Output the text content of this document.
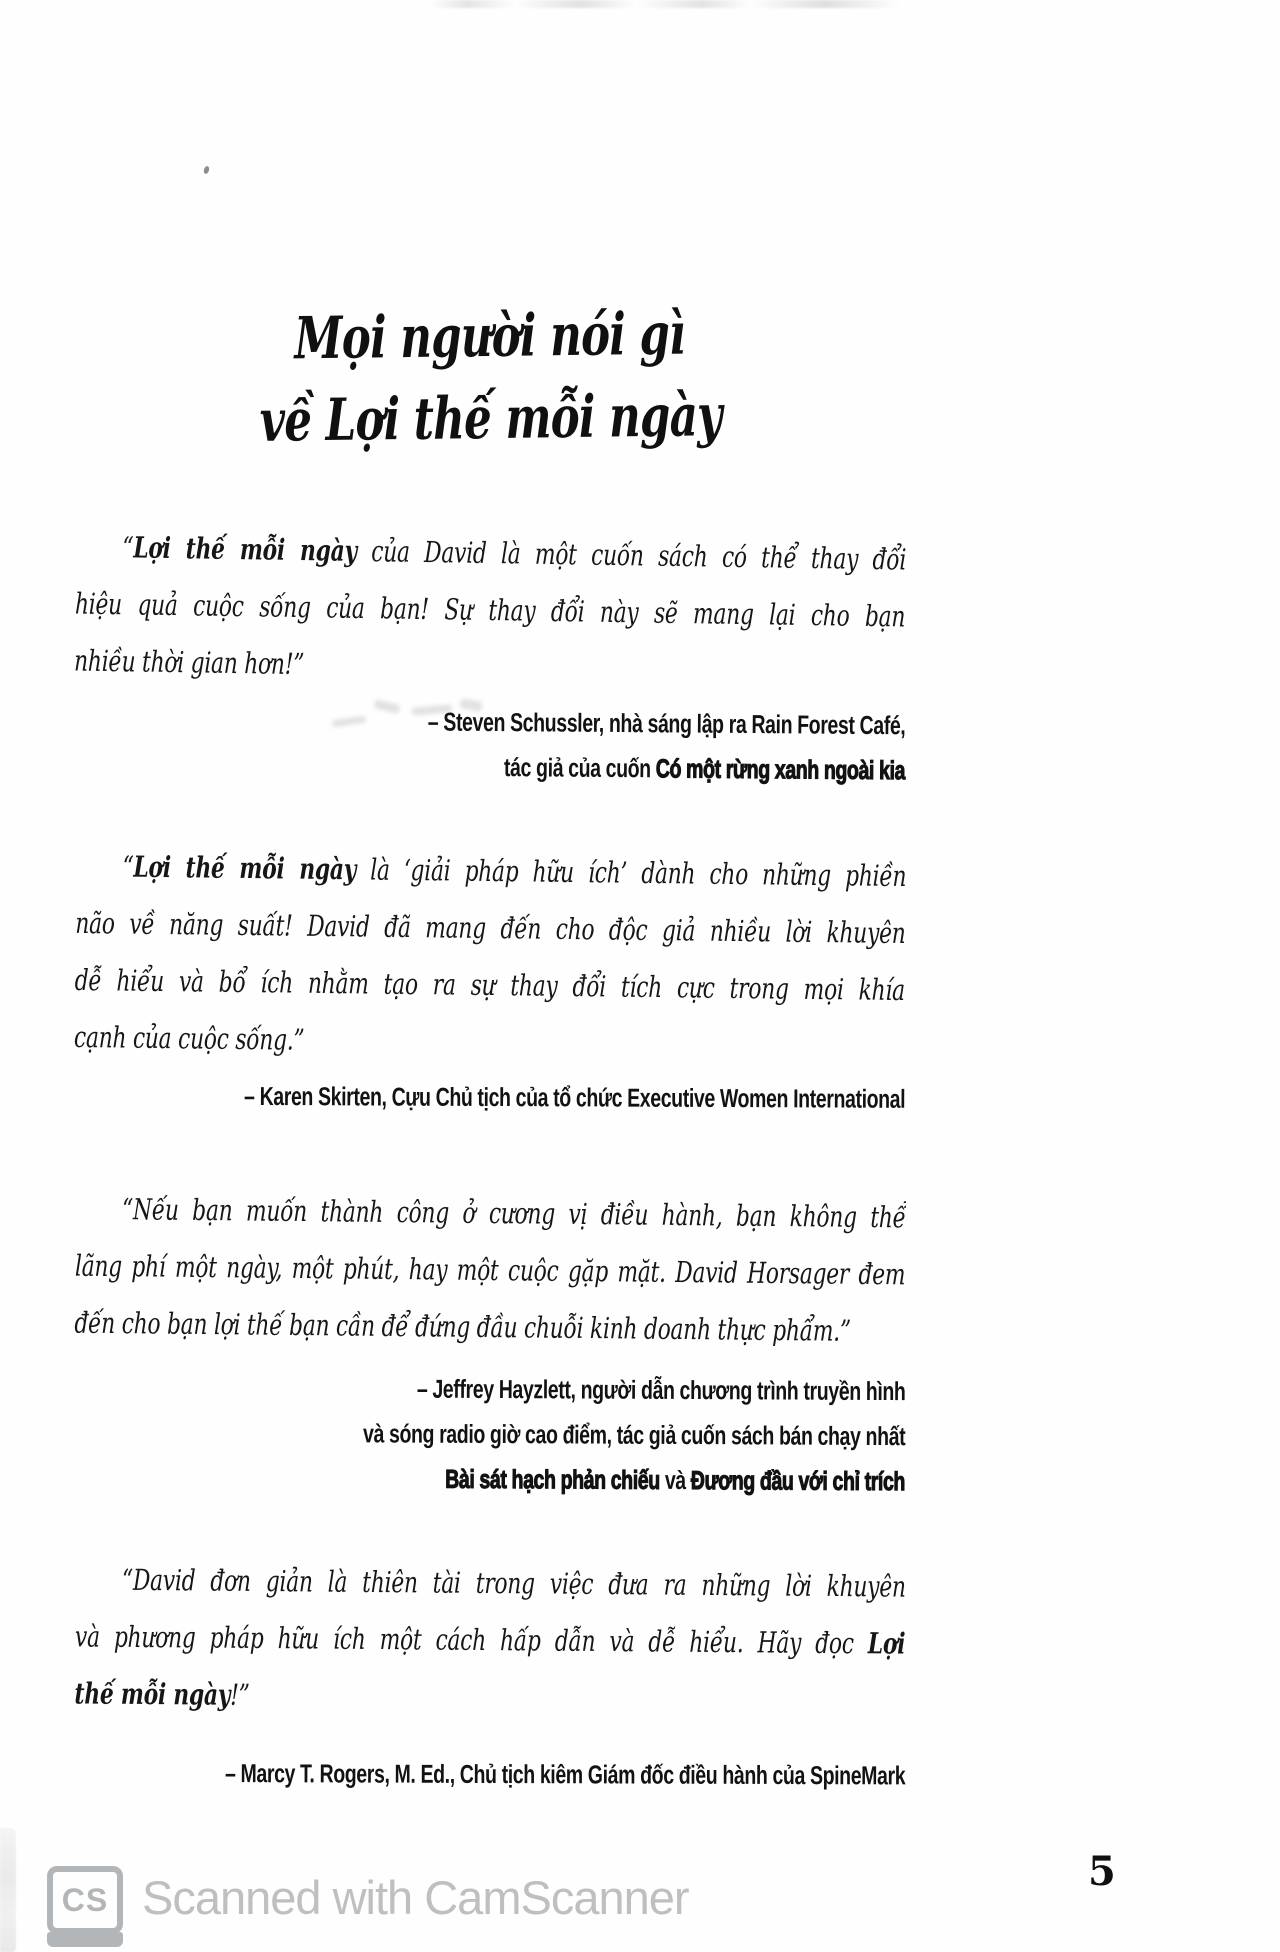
Mọi người nói gì
về Lợi thế mỗi ngày
“Lợi thế mỗi ngày của David là một cuốn sách có thể thay đổi
hiệu quả cuộc sống của bạn! Sự thay đổi này sẽ mang lại cho bạn
nhiều thời gian hơn!”
– Steven Schussler, nhà sáng lập ra Rain Forest Café,
tác giả của cuốn Có một rừng xanh ngoài kia
“Lợi thế mỗi ngày là ‘giải pháp hữu ích’ dành cho những phiền
não về năng suất! David đã mang đến cho độc giả nhiều lời khuyên
dễ hiểu và bổ ích nhằm tạo ra sự thay đổi tích cực trong mọi khía
cạnh của cuộc sống.”
– Karen Skirten, Cựu Chủ tịch của tổ chức Executive Women International
“Nếu bạn muốn thành công ở cương vị điều hành, bạn không thể
lãng phí một ngày, một phút, hay một cuộc gặp mặt. David Horsager đem
đến cho bạn lợi thế bạn cần để đứng đầu chuỗi kinh doanh thực phẩm.”
– Jeffrey Hayzlett, người dẫn chương trình truyền hình
và sóng radio giờ cao điểm, tác giả cuốn sách bán chạy nhất
Bài sát hạch phản chiếu và Đương đầu với chỉ trích
“David đơn giản là thiên tài trong việc đưa ra những lời khuyên
và phương pháp hữu ích một cách hấp dẫn và dễ hiểu. Hãy đọc Lợi
thế mỗi ngày!”
– Marcy T. Rogers, M. Ed., Chủ tịch kiêm Giám đốc điều hành của SpineMark
CS Scanned with CamScanner	5
